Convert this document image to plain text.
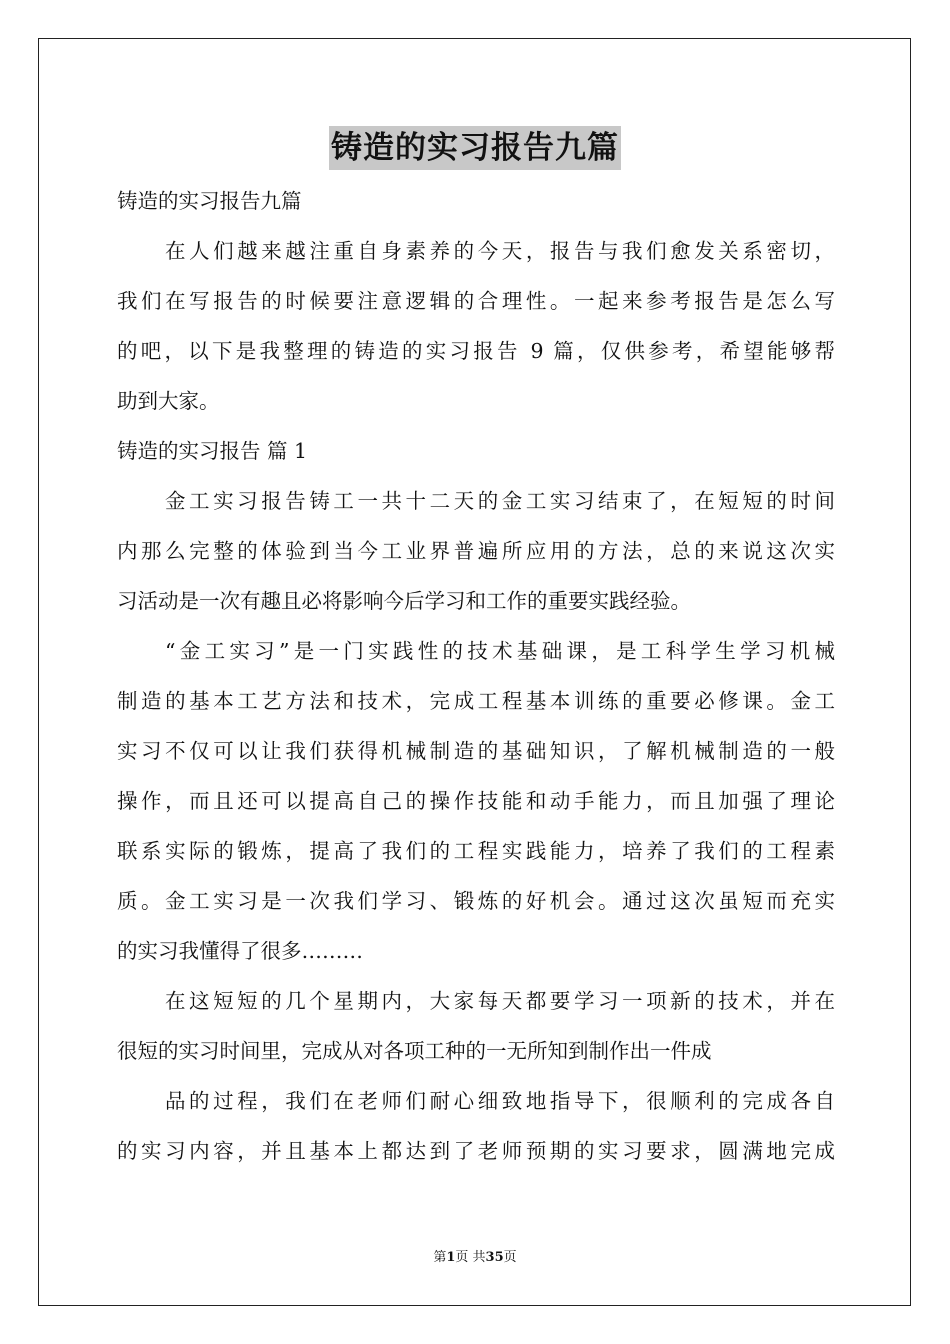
铸造的实习报告九篇
铸造的实习报告九篇
在人们越来越注重自身素养的今天，报告与我们愈发关系密切，
我们在写报告的时候要注意逻辑的合理性。一起来参考报告是怎么写
的吧，以下是我整理的铸造的实习报告 9 篇，仅供参考，希望能够帮
助到大家。
铸造的实习报告 篇 1
金工实习报告铸工一共十二天的金工实习结束了，在短短的时间
内那么完整的体验到当今工业界普遍所应用的方法，总的来说这次实
习活动是一次有趣且必将影响今后学习和工作的重要实践经验。
“金工实习”是一门实践性的技术基础课，是工科学生学习机械
制造的基本工艺方法和技术，完成工程基本训练的重要必修课。金工
实习不仅可以让我们获得机械制造的基础知识，了解机械制造的一般
操作，而且还可以提高自己的操作技能和动手能力，而且加强了理论
联系实际的锻炼，提高了我们的工程实践能力，培养了我们的工程素
质。金工实习是一次我们学习、锻炼的好机会。通过这次虽短而充实
的实习我懂得了很多………
在这短短的几个星期内，大家每天都要学习一项新的技术，并在
很短的实习时间里，完成从对各项工种的一无所知到制作出一件成
品的过程，我们在老师们耐心细致地指导下，很顺利的完成各自
的实习内容，并且基本上都达到了老师预期的实习要求，圆满地完成
第1页 共35页
